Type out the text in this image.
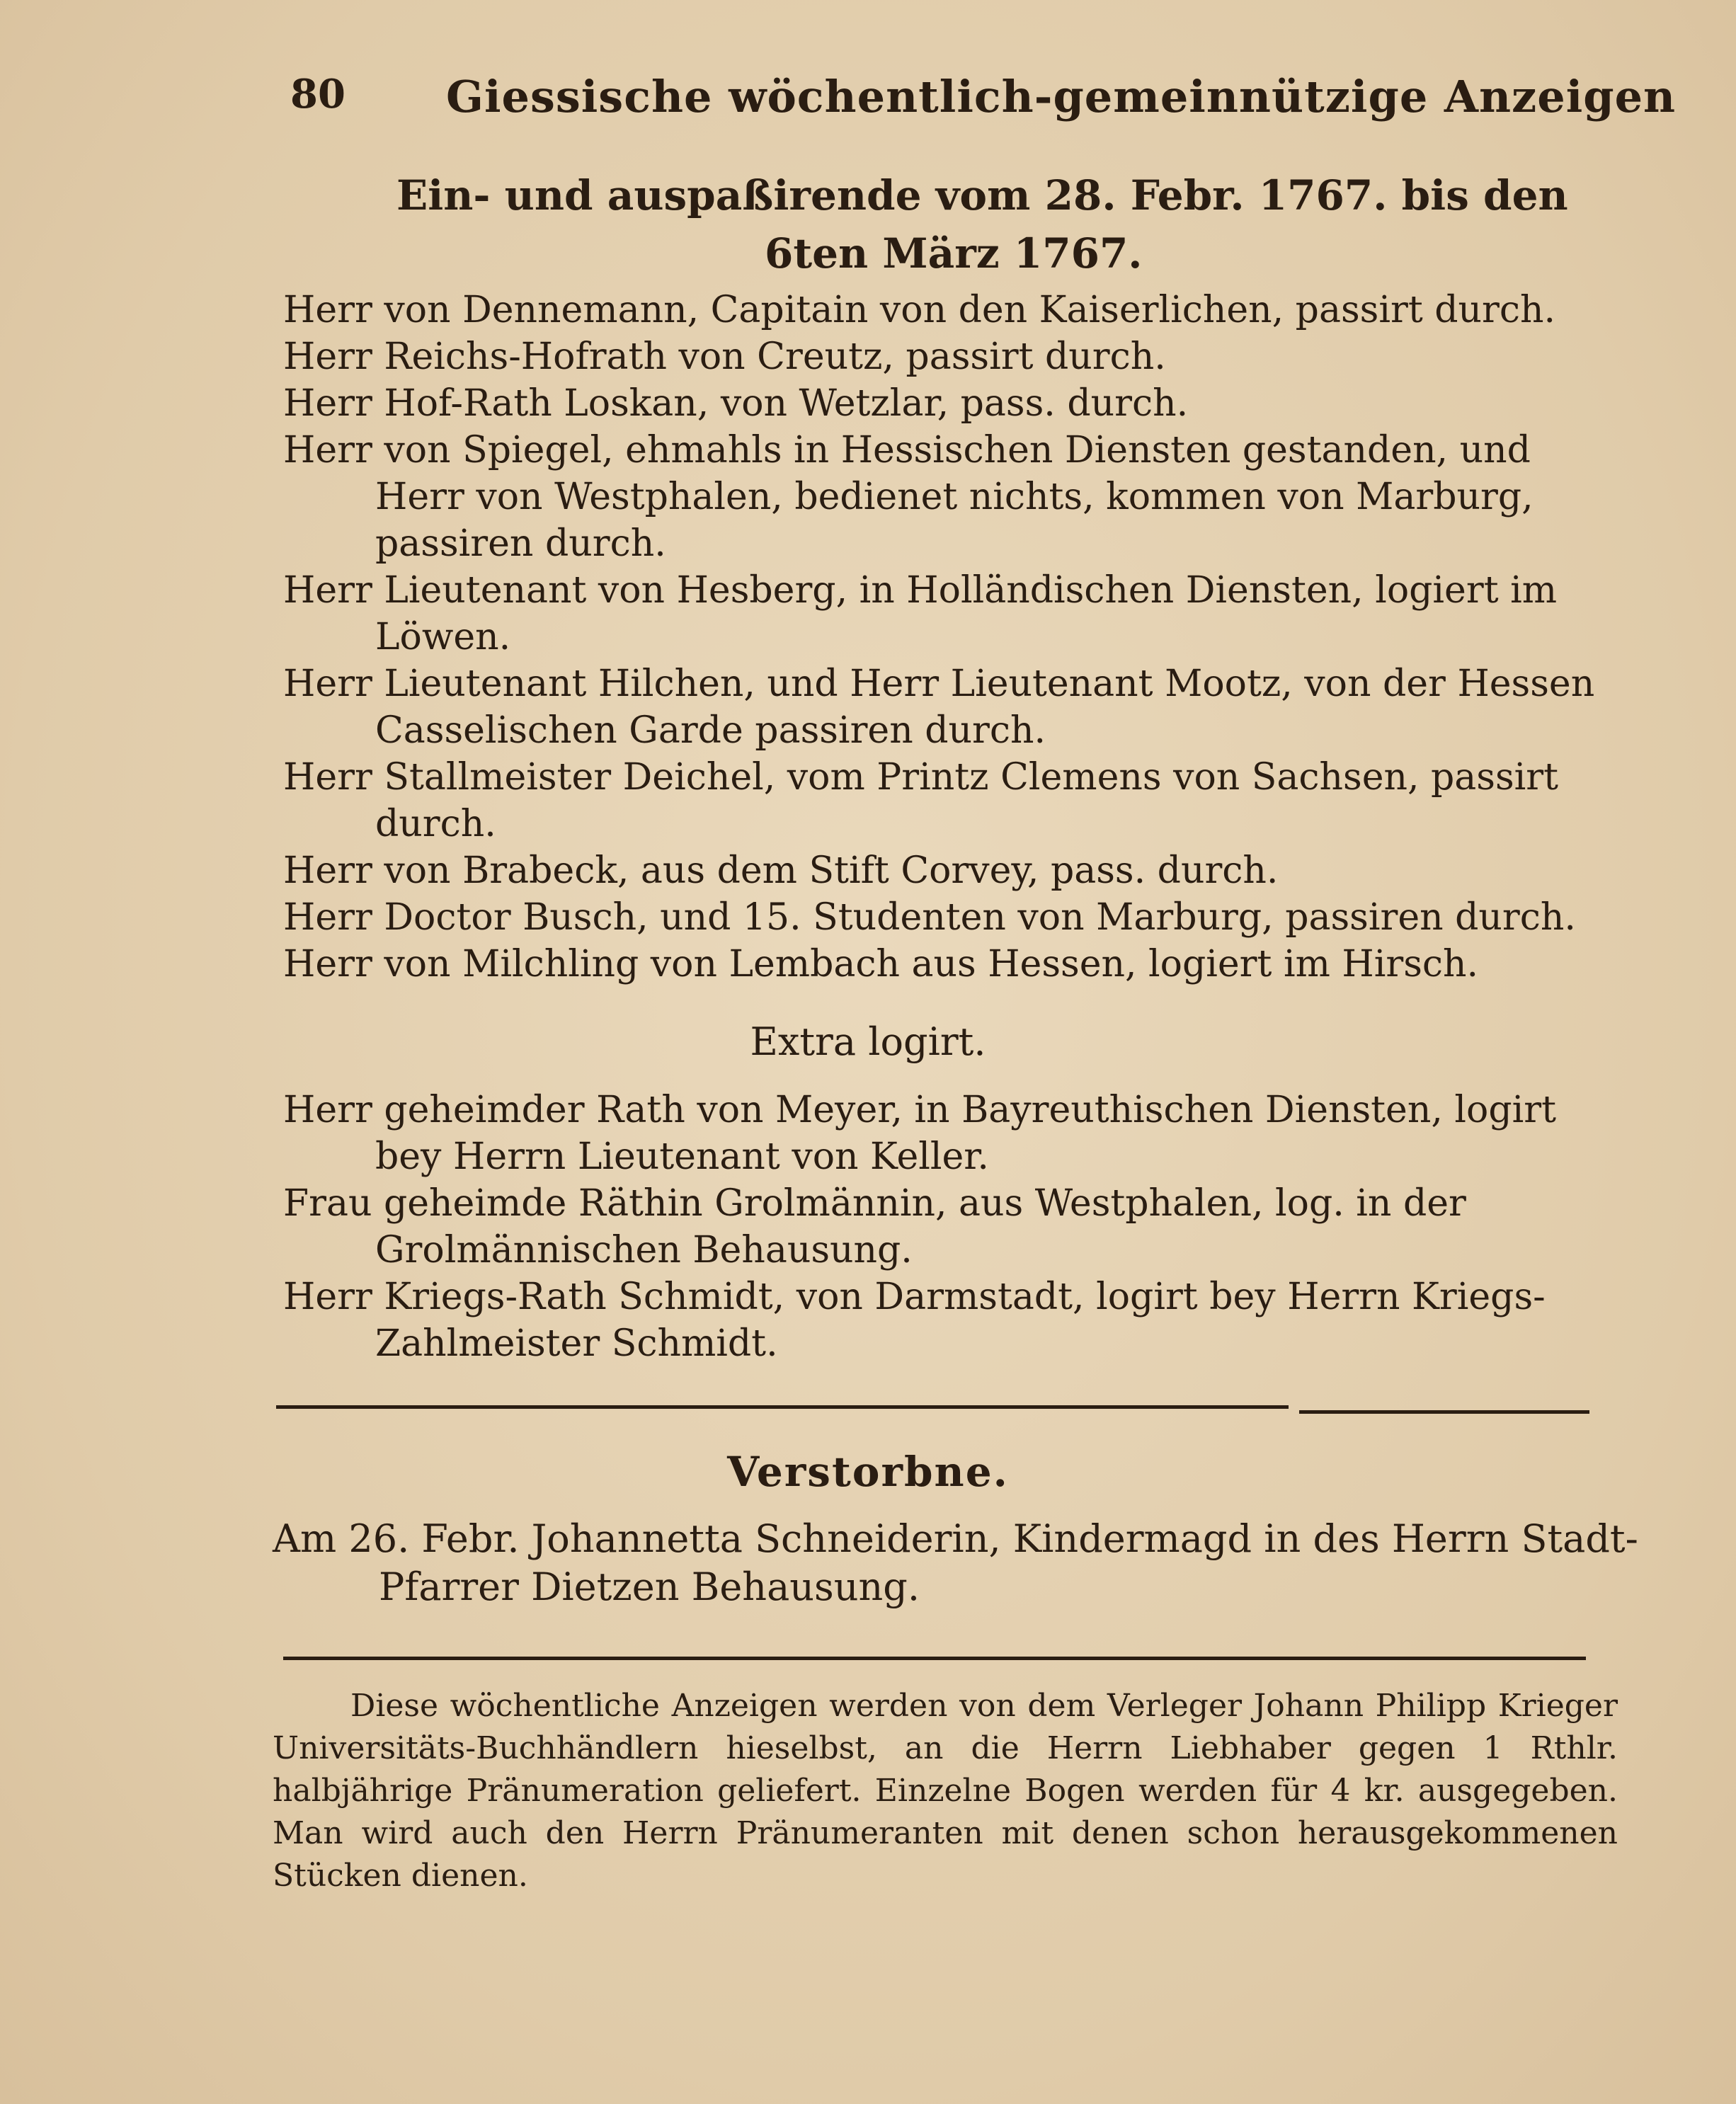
80 Giessische wöchentlich-gemeinnützige Anzeigen
Ein- und auspaßirende vom 28. Febr. 1767. bis den
6ten März 1767.

Herr von Dennemann, Capitain von den Kaiserlichen, passirt durch.

Herr Reichs-Hofrath von Creutz, passirt durch.

Herr Hof-Rath Loskan, von Wetzlar, pass. durch.

Herr von Spiegel, ehmahls in Hessischen Diensten gestanden, und Herr von Westphalen, bedienet nichts, kommen von Marburg, passiren durch.

Herr Lieutenant von Hesberg, in Holländischen Diensten, logiert im Löwen.

Herr Lieutenant Hilchen, und Herr Lieutenant Mootz, von der Hessen Casselischen Garde passiren durch.

Herr Stallmeister Deichel, vom Printz Clemens von Sachsen, passirt durch.

Herr von Brabeck, aus dem Stift Corvey, pass. durch.

Herr Doctor Busch, und 15. Studenten von Marburg, passiren durch.

Herr von Milchling von Lembach aus Hessen, logiert im Hirsch.

Extra logirt.

Herr geheimder Rath von Meyer, in Bayreuthischen Diensten, logirt bey Herrn Lieutenant von Keller.

Frau geheimde Räthin Grolmännin, aus Westphalen, log. in der Grolmännischen Behausung.

Herr Kriegs-Rath Schmidt, von Darmstadt, logirt bey Herrn Kriegs-Zahlmeister Schmidt.

Verstorbne.
Am 26. Febr. Johannetta Schneiderin, Kindermagd in des Herrn Stadt-Pfarrer Dietzen Behausung.
Diese wöchentliche Anzeigen werden von dem Verleger Johann Philipp Krieger Universitäts-Buchhändlern hieselbst, an die Herrn Liebhaber gegen 1 Rthlr. halbjährige Pränumeration geliefert. Einzelne Bogen werden für 4 kr. ausgegeben. Man wird auch den Herrn Pränumeranten mit denen schon herausgekommenen Stücken dienen.
